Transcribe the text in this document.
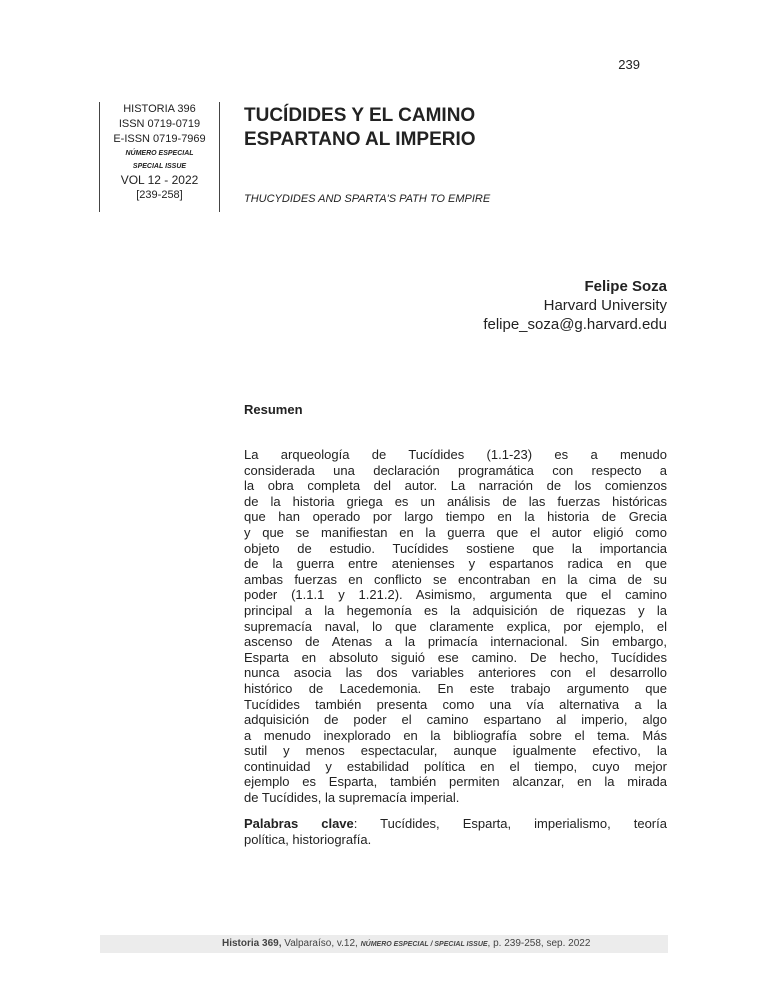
239
HISTORIA 396
ISSN 0719-0719
E-ISSN 0719-7969
NÚMERO ESPECIAL
SPECIAL ISSUE
VOL 12 - 2022
[239-258]
TUCÍDIDES Y EL CAMINO
ESPARTANO AL IMPERIO
THUCYDIDES AND SPARTA'S PATH TO EMPIRE
Felipe Soza
Harvard University
felipe_soza@g.harvard.edu
Resumen
La arqueología de Tucídides (1.1-23) es a menudo
considerada una declaración programática con respecto a
la obra completa del autor. La narración de los comienzos
de la historia griega es un análisis de las fuerzas históricas
que han operado por largo tiempo en la historia de Grecia
y que se manifiestan en la guerra que el autor eligió como
objeto de estudio. Tucídides sostiene que la importancia
de la guerra entre atenienses y espartanos radica en que
ambas fuerzas en conflicto se encontraban en la cima de su
poder (1.1.1 y 1.21.2). Asimismo, argumenta que el camino
principal a la hegemonía es la adquisición de riquezas y la
supremacía naval, lo que claramente explica, por ejemplo, el
ascenso de Atenas a la primacía internacional. Sin embargo,
Esparta en absoluto siguió ese camino. De hecho, Tucídides
nunca asocia las dos variables anteriores con el desarrollo
histórico de Lacedemonia. En este trabajo argumento que
Tucídides también presenta como una vía alternativa a la
adquisición de poder el camino espartano al imperio, algo
a menudo inexplorado en la bibliografía sobre el tema. Más
sutil y menos espectacular, aunque igualmente efectivo, la
continuidad y estabilidad política en el tiempo, cuyo mejor
ejemplo es Esparta, también permiten alcanzar, en la mirada
de Tucídides, la supremacía imperial.
Palabras clave: Tucídides, Esparta, imperialismo, teoría
política, historiografía.
Historia 369, Valparaíso, v.12, NÚMERO ESPECIAL / SPECIAL ISSUE, p. 239-258, sep. 2022
